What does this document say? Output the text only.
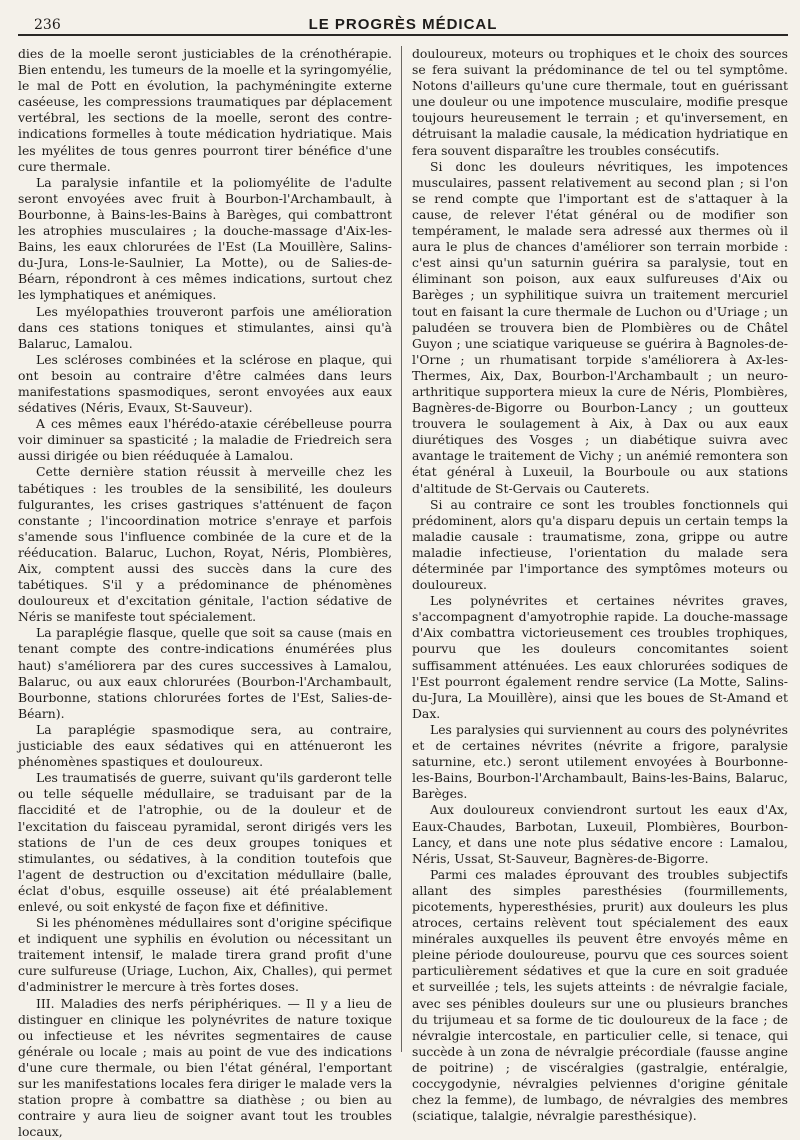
236	LE PROGRÈS MÉDICAL

dies de la moelle seront justiciables de la crénothérapie. Bien entendu, les tumeurs de la moelle et la syringomyélie, le mal de Pott en évolution, la pachyméningite externe caséeuse, les compressions traumatiques par déplacement vertébral, les sections de la moelle, seront des contre-indications formelles à toute médication hydriatique. Mais les myélites de tous genres pourront tirer bénéfice d'une cure thermale.

La paralysie infantile et la poliomyélite de l'adulte seront envoyées avec fruit à Bourbon-l'Archambault, à Bourbonne, à Bains-les-Bains à Barèges, qui combattront les atrophies musculaires ; la douche-massage d'Aix-les-Bains, les eaux chlorurées de l'Est (La Mouillère, Salins-du-Jura, Lons-le-Saulnier, La Motte), ou de Salies-de-Béarn, répondront à ces mêmes indications, surtout chez les lymphatiques et anémiques.

Les myélopathies trouveront parfois une amélioration dans ces stations toniques et stimulantes, ainsi qu'à Balaruc, Lamalou.

Les scléroses combinées et la sclérose en plaque, qui ont besoin au contraire d'être calmées dans leurs manifestations spasmodiques, seront envoyées aux eaux sédatives (Néris, Evaux, St-Sauveur).

A ces mêmes eaux l'hérédo-ataxie cérébelleuse pourra voir diminuer sa spasticité ; la maladie de Friedreich sera aussi dirigée ou bien rééduquée à Lamalou.

Cette dernière station réussit à merveille chez les tabétiques : les troubles de la sensibilité, les douleurs fulgurantes, les crises gastriques s'atténuent de façon constante ; l'incoordination motrice s'enraye et parfois s'amende sous l'influence combinée de la cure et de la rééducation. Balaruc, Luchon, Royat, Néris, Plombières, Aix, comptent aussi des succès dans la cure des tabétiques. S'il y a prédominance de phénomènes douloureux et d'excitation génitale, l'action sédative de Néris se manifeste tout spécialement.

La paraplégie flasque, quelle que soit sa cause (mais en tenant compte des contre-indications énumérées plus haut) s'améliorera par des cures successives à Lamalou, Balaruc, ou aux eaux chlorurées (Bourbon-l'Archambault, Bourbonne, stations chlorurées fortes de l'Est, Salies-de-Béarn).

La paraplégie spasmodique sera, au contraire, justiciable des eaux sédatives qui en atténueront les phénomènes spastiques et douloureux.

Les traumatisés de guerre, suivant qu'ils garderont telle ou telle séquelle médullaire, se traduisant par de la flaccidité et de l'atrophie, ou de la douleur et de l'excitation du faisceau pyramidal, seront dirigés vers les stations de l'un de ces deux groupes toniques et stimulantes, ou sédatives, à la condition toutefois que l'agent de destruction ou d'excitation médullaire (balle, éclat d'obus, esquille osseuse) ait été préalablement enlevé, ou soit enkysté de façon fixe et définitive.

Si les phénomènes médullaires sont d'origine spécifique et indiquent une syphilis en évolution ou nécessitant un traitement intensif, le malade tirera grand profit d'une cure sulfureuse (Uriage, Luchon, Aix, Challes), qui permet d'administrer le mercure à très fortes doses.

III. Maladies des nerfs périphériques. — Il y a lieu de distinguer en clinique les polynévrites de nature toxique ou infectieuse et les névrites segmentaires de cause générale ou locale ; mais au point de vue des indications d'une cure thermale, ou bien l'état général, l'emportant sur les manifestations locales fera diriger le malade vers la station propre à combattre sa diathèse ; ou bien au contraire y aura lieu de soigner avant tout les troubles locaux,

douloureux, moteurs ou trophiques et le choix des sources se fera suivant la prédominance de tel ou tel symptôme. Notons d'ailleurs qu'une cure thermale, tout en guérissant une douleur ou une impotence musculaire, modifie presque toujours heureusement le terrain ; et qu'inversement, en détruisant la maladie causale, la médication hydriatique en fera souvent disparaître les troubles consécutifs.

Si donc les douleurs névritiques, les impotences musculaires, passent relativement au second plan ; si l'on se rend compte que l'important est de s'attaquer à la cause, de relever l'état général ou de modifier son tempérament, le malade sera adressé aux thermes où il aura le plus de chances d'améliorer son terrain morbide : c'est ainsi qu'un saturnin guérira sa paralysie, tout en éliminant son poison, aux eaux sulfureuses d'Aix ou Barèges ; un syphilitique suivra un traitement mercuriel tout en faisant la cure thermale de Luchon ou d'Uriage ; un paludéen se trouvera bien de Plombières ou de Châtel Guyon ; une sciatique variqueuse se guérira à Bagnoles-de-l'Orne ; un rhumatisant torpide s'améliorera à Ax-les-Thermes, Aix, Dax, Bourbon-l'Archambault ; un neuro-arthritique supportera mieux la cure de Néris, Plombières, Bagnères-de-Bigorre ou Bourbon-Lancy ; un goutteux trouvera le soulagement à Aix, à Dax ou aux eaux diurétiques des Vosges ; un diabétique suivra avec avantage le traitement de Vichy ; un anémié remontera son état général à Luxeuil, la Bourboule ou aux stations d'altitude de St-Gervais ou Cauterets.

Si au contraire ce sont les troubles fonctionnels qui prédominent, alors qu'a disparu depuis un certain temps la maladie causale : traumatisme, zona, grippe ou autre maladie infectieuse, l'orientation du malade sera déterminée par l'importance des symptômes moteurs ou douloureux.

Les polynévrites et certaines névrites graves, s'accompagnent d'amyotrophie rapide. La douche-massage d'Aix combattra victorieusement ces troubles trophiques, pourvu que les douleurs concomitantes soient suffisamment atténuées. Les eaux chlorurées sodiques de l'Est pourront également rendre service (La Motte, Salins-du-Jura, La Mouillère), ainsi que les boues de St-Amand et Dax.

Les paralysies qui surviennent au cours des polynévrites et de certaines névrites (névrite a frigore, paralysie saturnine, etc.) seront utilement envoyées à Bourbonne-les-Bains, Bourbon-l'Archambault, Bains-les-Bains, Balaruc, Barèges.

Aux douloureux conviendront surtout les eaux d'Ax, Eaux-Chaudes, Barbotan, Luxeuil, Plombières, Bourbon-Lancy, et dans une note plus sédative encore : Lamalou, Néris, Ussat, St-Sauveur, Bagnères-de-Bigorre.

Parmi ces malades éprouvant des troubles subjectifs allant des simples paresthésies (fourmillements, picotements, hyperesthésies, prurit) aux douleurs les plus atroces, certains relèvent tout spécialement des eaux minérales auxquelles ils peuvent être envoyés même en pleine période douloureuse, pourvu que ces sources soient particulièrement sédatives et que la cure en soit graduée et surveillée ; tels, les sujets atteints : de névralgie faciale, avec ses pénibles douleurs sur une ou plusieurs branches du trijumeau et sa forme de tic douloureux de la face ; de névralgie intercostale, en particulier celle, si tenace, qui succède à un zona de névralgie précordiale (fausse angine de poitrine) ; de viscéralgies (gastralgie, entéralgie, coccygodynie, névralgies pelviennes d'origine génitale chez la femme), de lumbago, de névralgies des membres (sciatique, talalgie, névralgie paresthésique).
